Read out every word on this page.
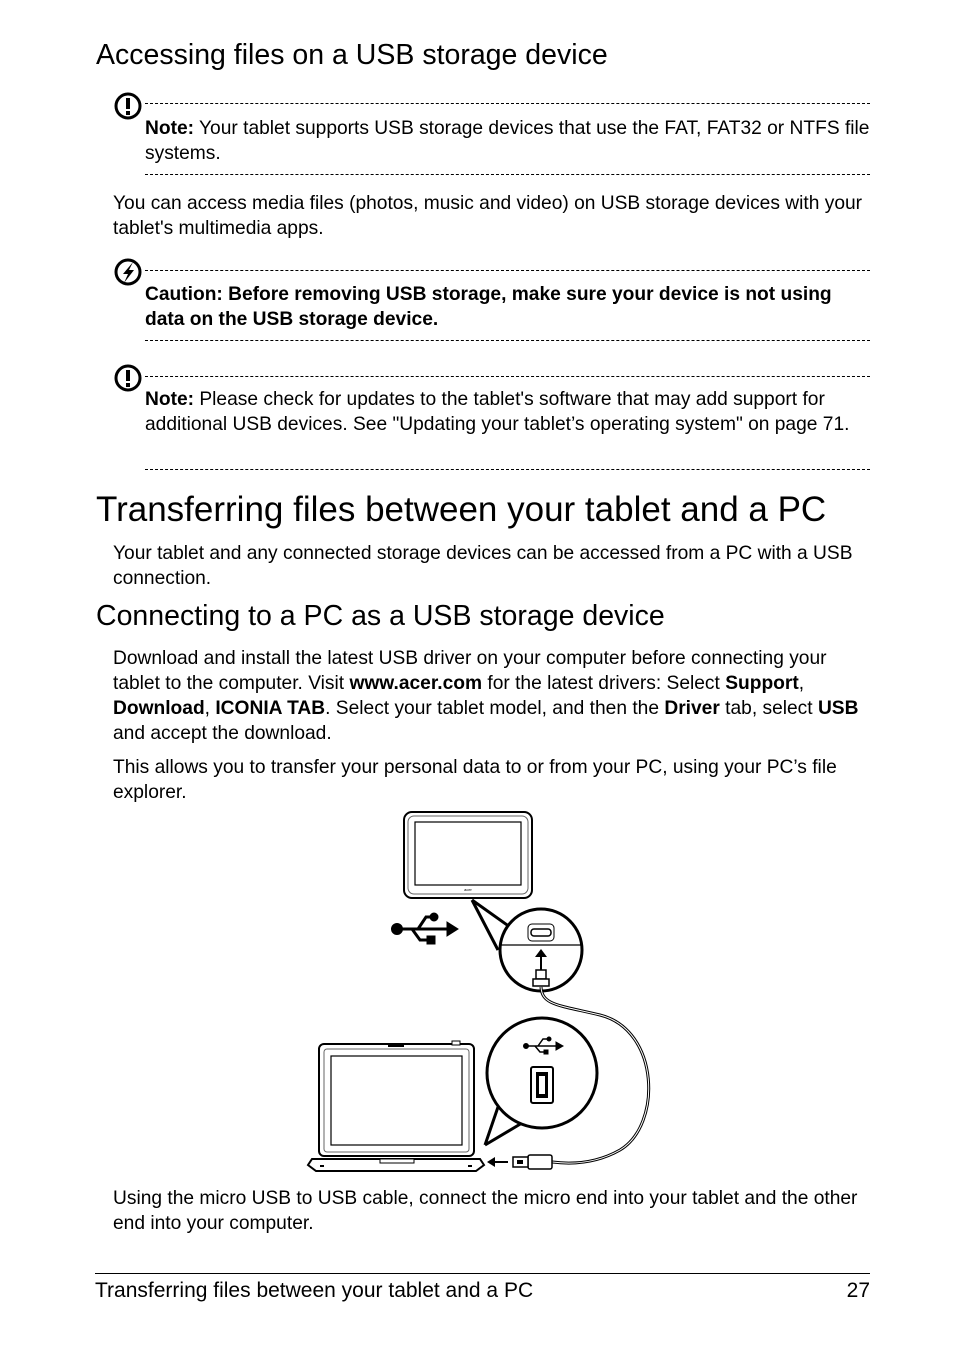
Accessing files on a USB storage device
Note: Your tablet supports USB storage devices that use the FAT, FAT32 or NTFS file systems.
You can access media files (photos, music and video) on USB storage devices with your tablet's multimedia apps.
Caution: Before removing USB storage, make sure your device is not using data on the USB storage device.
Note: Please check for updates to the tablet's software that may add support for additional USB devices. See "Updating your tablet’s operating system" on page 71.
Transferring files between your tablet and a PC
Your tablet and any connected storage devices can be accessed from a PC with a USB connection.
Connecting to a PC as a USB storage device
Download and install the latest USB driver on your computer before connecting your tablet to the computer. Visit www.acer.com for the latest drivers: Select Support, Download, ICONIA TAB. Select your tablet model, and then the Driver tab, select USB and accept the download.
This allows you to transfer your personal data to or from your PC, using your PC’s file explorer.
acer
Using the micro USB to USB cable, connect the micro end into your tablet and the other end into your computer.
Transferring files between your tablet and a PC	27
